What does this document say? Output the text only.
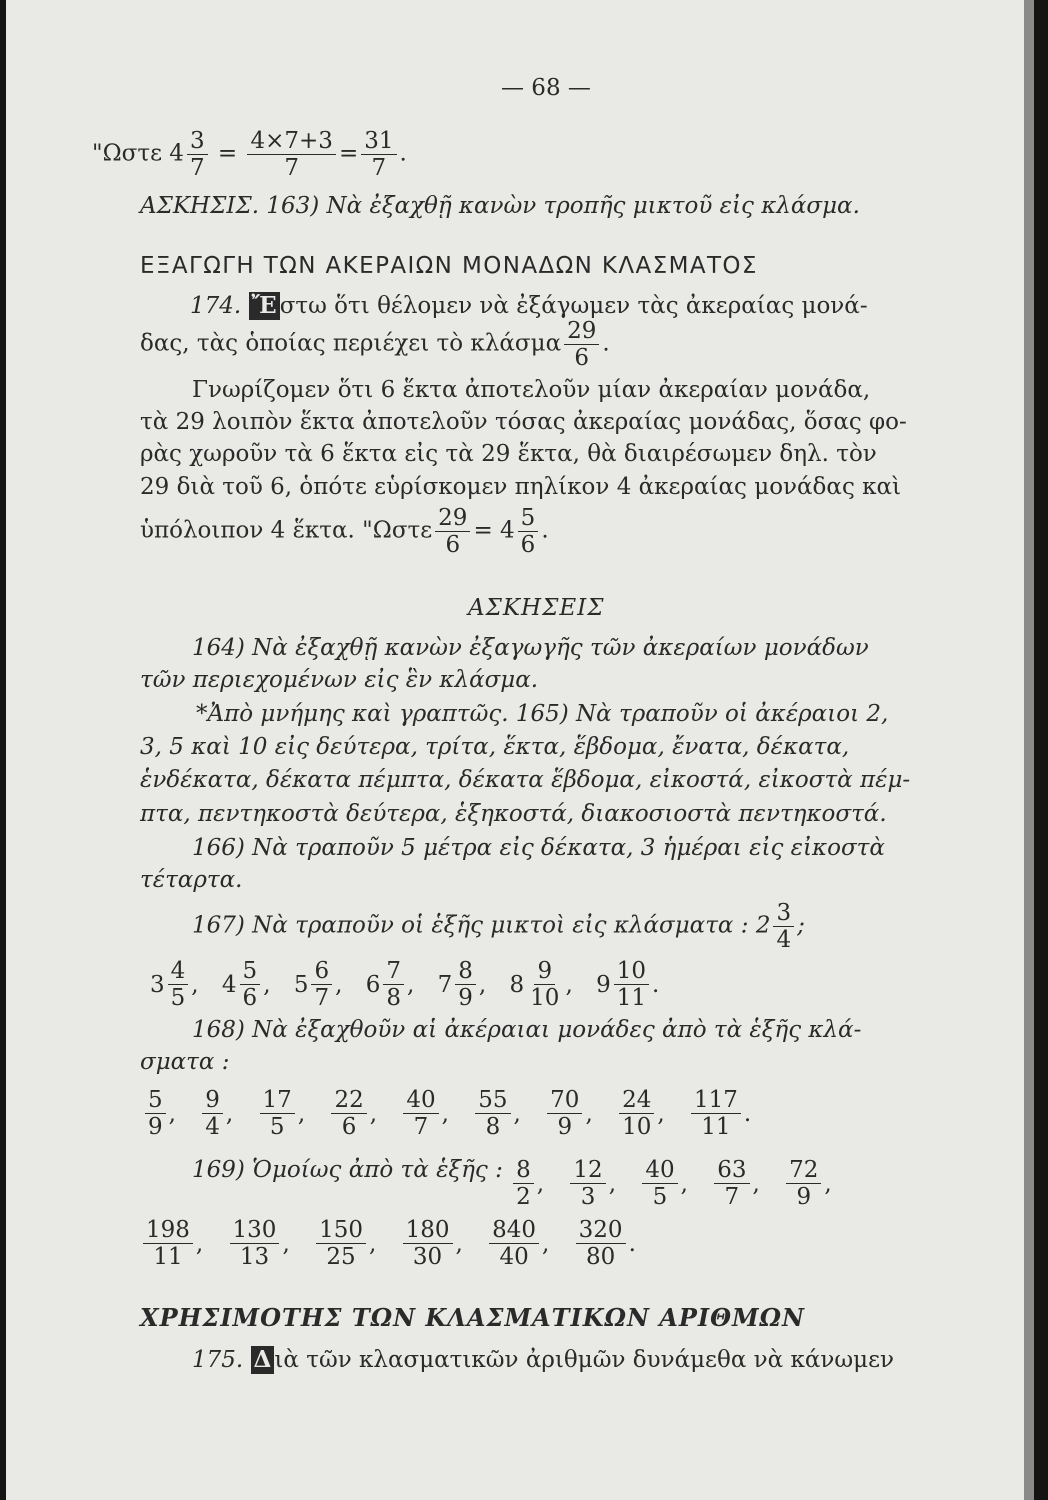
— 68 —
"Ωστε $4 \frac{3}{7} = \frac{4\times 7+3}{7} = \frac{31}{7}$ .
ΑΣΚΗΣΙΣ. 163) Νὰ ἐξαχθῇ κανὼν τροπῆς μικτοῦ εἰς κλάσμα.
ΕΞΑΓΩΓΗ ΤΩΝ ΑΚΕΡΑΙΩΝ ΜΟΝΑΔΩΝ ΚΛΑΣΜΑΤΟΣ
174. Ἔ στω ὅτι θέλομεν νὰ ἐξάγωμεν τὰς ἀκεραίας μονά-
δας, τὰς ὁποίας περιέχει τὸ κλάσμα $\frac{29}{6}$ .
Γνωρίζομεν ὅτι 6 ἕκτα ἀποτελοῦν μίαν ἀκεραίαν μονάδα,
τὰ 29 λοιπὸν ἕκτα ἀποτελοῦν τόσας ἀκεραίας μονάδας, ὅσας φο-
ρὰς χωροῦν τὰ 6 ἕκτα εἰς τὰ 29 ἕκτα, θὰ διαιρέσωμεν δηλ. τὸν
29 διὰ τοῦ 6, ὁπότε εὑρίσκομεν πηλίκον 4 ἀκεραίας μονάδας καὶ
ὑπόλοιπον 4 ἕκτα. "$\Omega\sigma\tau\varepsilon \frac{29}{6} = 4 \frac{5}{6}$ .
ΑΣΚΗΣΕΙΣ
164) Νὰ ἐξαχθῇ κανὼν ἐξαγωγῆς τῶν ἀκεραίων μονάδων
τῶν περιεχομένων εἰς ἓν κλάσμα.
*Ἀπὸ μνήμης καὶ γραπτῶς. 165) Νὰ τραποῦν οἱ ἀκέραιοι 2,
3, 5 καὶ 10 εἰς δεύτερα, τρίτα, ἕκτα, ἕβδομα, ἔνατα, δέκατα,
ἑνδέκατα, δέκατα πέμπτα, δέκατα ἕβδομα, εἰκοστά, εἰκοστὰ πέμ-
πτα, πεντηκοστὰ δεύτερα, ἑξηκοστά, διακοσιοστὰ πεντηκοστά.
166) Νὰ τραποῦν 5 μέτρα εἰς δέκατα, 3 ἡμέραι εἰς εἰκοστὰ
τέταρτα.
167) Νὰ τραποῦν οἱ ἑξῆς μικτοὶ εἰς κλάσματα : $2 \frac{3}{4}$ ;
$3 \frac{4}{5}$ ,
$4 \frac{5}{6}$ ,
$5 \frac{6}{7}$ ,
$6 \frac{7}{8}$ ,
$7 \frac{8}{9}$ ,
$8 \frac{9}{10}$ ,
$9 \frac{10}{11}$ .
168) Νὰ ἐξαχθοῦν αἱ ἀκέραιαι μονάδες ἀπὸ τὰ ἑξῆς κλά-
σματα :
$\frac{5}{9}$ ,
$\frac{9}{4}$ ,
$\frac{17}{5}$ ,
$\frac{22}{6}$ ,
$\frac{40}{7}$ ,
$\frac{55}{8}$ ,
$\frac{70}{9}$ ,
$\frac{24}{10}$ ,
$\frac{117}{11}$ .
169) Ὁμοίως ἀπὸ τὰ ἑξῆς : $\frac{8}{2}$ ,
$\frac{12}{3}$ ,
$\frac{40}{5}$ ,
$\frac{63}{7}$ ,
$\frac{72}{9}$ ,
$\frac{198}{11}$ ,
$\frac{130}{13}$ ,
$\frac{150}{25}$ ,
$\frac{180}{30}$ ,
$\frac{840}{40}$ ,
$\frac{320}{80}$ .
ΧΡΗΣΙΜΟΤΗΣ ΤΩΝ ΚΛΑΣΜΑΤΙΚΩΝ ΑΡΙΘΜΩΝ
175. Δ ιὰ τῶν κλασματικῶν ἀριθμῶν δυνάμεθα νὰ κάνωμεν
